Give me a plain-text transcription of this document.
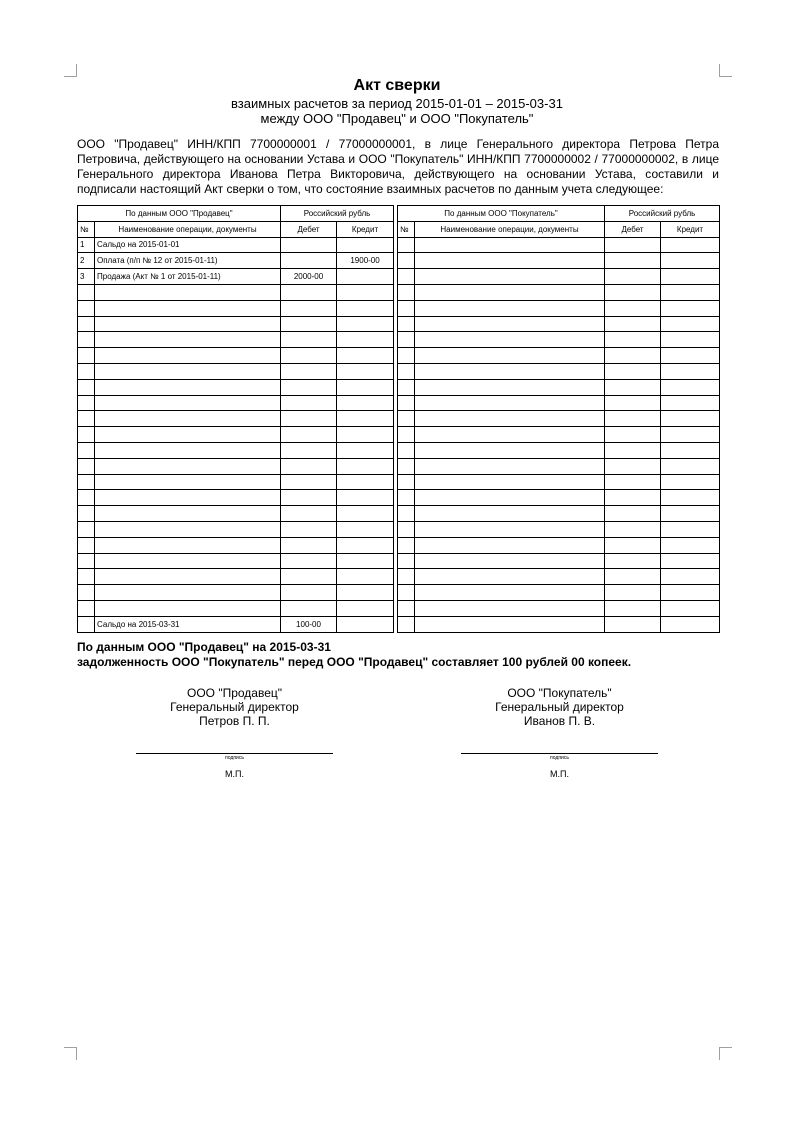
Акт сверки
взаимных расчетов за период 2015-01-01 – 2015-03-31
между ООО "Продавец" и ООО "Покупатель"
ООО "Продавец" ИНН/КПП 7700000001 / 77000000001, в лице Генерального директора Петрова Петра Петровича, действующего на основании Устава и ООО "Покупатель" ИНН/КПП 7700000002 / 77000000002, в лице Генерального директора Иванова Петра Викторовича, действующего на основании Устава, составили и подписали настоящий Акт сверки о том, что состояние взаимных расчетов по данным учета следующее:
По данным ООО "Продавец"		Российский рубль	
№	Наименование операции, документы	Дебет	Кредит
1	Сальдо на 2015-01-01		
2	Оплата (п/п № 12 от 2015-01-11)		1900-00
3	Продажа (Акт № 1 от 2015-01-11)	2000-00	

	Сальдо на 2015-03-31	100-00	
По данным ООО "Покупатель"		Российский рубль	
№	Наименование операции, документы	Дебет	Кредит

По данным ООО "Продавец" на 2015-03-31
задолженность ООО "Покупатель" перед ООО "Продавец" составляет 100 рублей 00 копеек.
ООО "Продавец"
Генеральный директор
Петров П. П.
ООО "Покупатель"
Генеральный директор
Иванов П. В.
подпись	подпись
М.П.	М.П.
